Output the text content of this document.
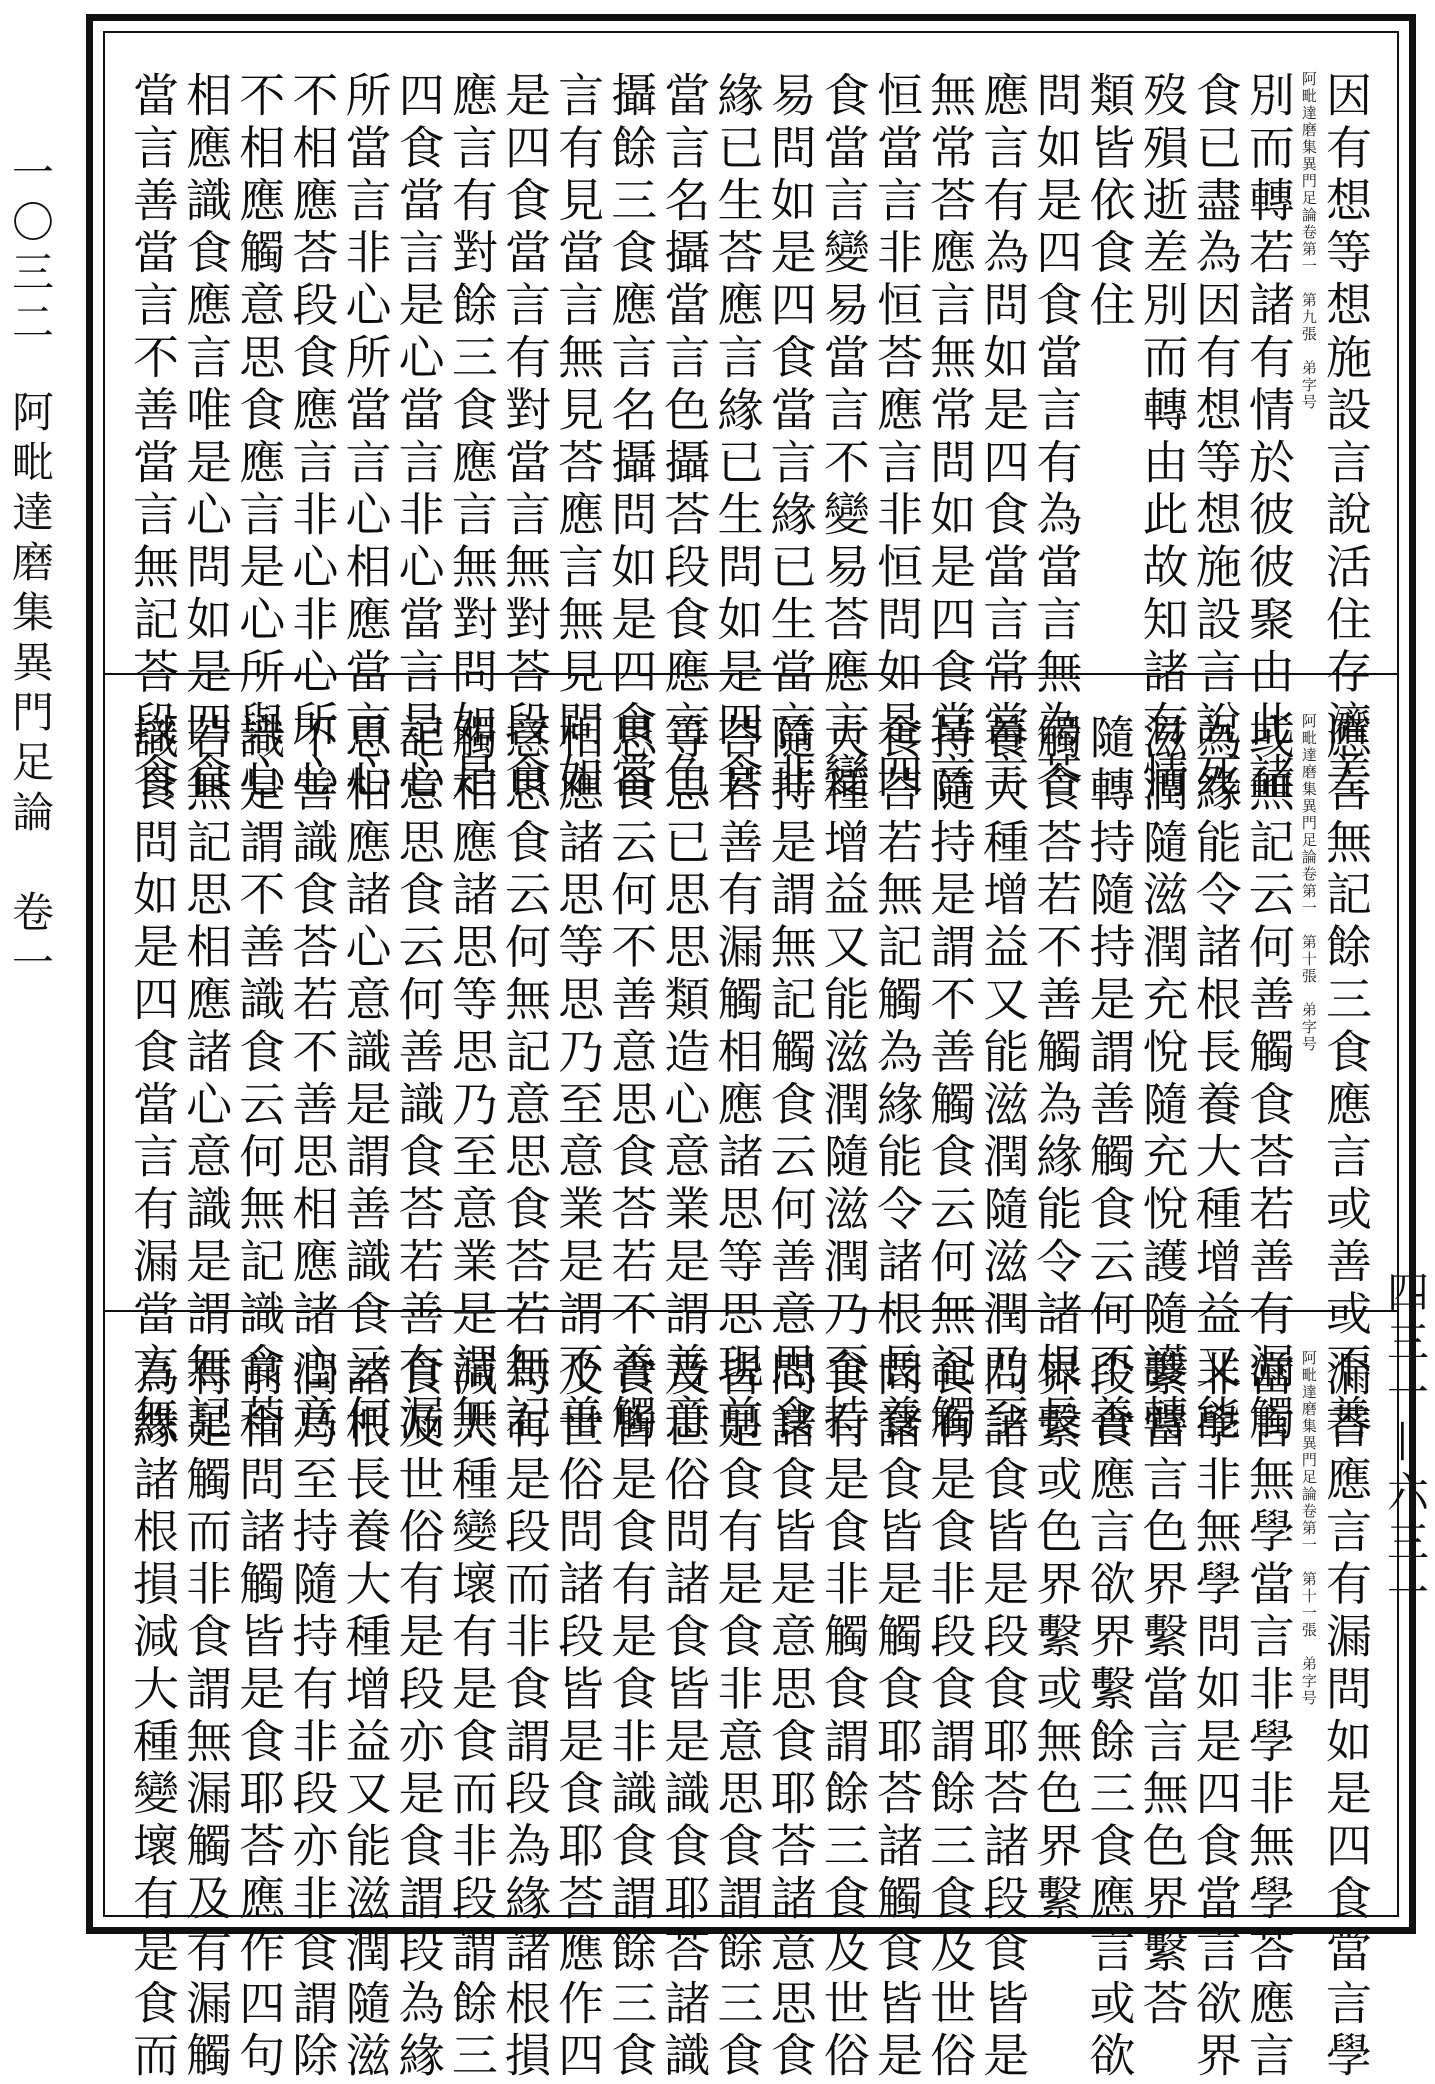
一〇三二
阿毗達磨集異門足論　卷一
四三一—六三一
因有想等想施設言說活住存濟差
阿毗達磨集異門足論卷第一　第九張　弟字号
別而轉若諸有情於彼彼聚由此諸
食已盡為因有想等想施設言說死
歿殞逝差別而轉由此故知諸有情
類皆依食住
問如是四食當言有為當言無為荅
應言有為問如是四食當言常當言
無常荅應言無常問如是四食當言
恒當言非恒荅應言非恒問如是四
食當言變易當言不變易荅應言變
易問如是四食當言緣已生當言非
緣已生荅應言緣已生問如是四食
當言名攝當言色攝荅段食應言色
攝餘三食應言名攝問如是四食當
言有見當言無見荅應言無見問如
是四食當言有對當言無對荅段食
應言有對餘三食應言無對問如是
四食當言是心當言非心當言是心
所當言非心所當言心相應當言心
不相應荅段食應言非心非心所心
不相應觸意思食應言是心所與心
相應識食應言唯是心問如是四食
當言善當言不善當言無記荅段食
應言無記餘三食應言或善或不善
阿毗達磨集異門足論卷第一　第十張　弟字号
或無記云何善觸食荅若善有漏觸
為緣能令諸根長養大種增益又能
滋潤隨滋潤充悅隨充悅護隨護轉
隨轉持隨持是謂善觸食云何不善
觸食荅若不善觸為緣能令諸根長
養大種增益又能滋潤隨滋潤乃至
持隨持是謂不善觸食云何無記觸
食荅若無記觸為緣能令諸根長養
大種增益又能滋潤隨滋潤乃至持
隨持是謂無記觸食云何善意思食
荅若善有漏觸相應諸思等思現前
等思已思思類造心意業是謂善意
思食云何不善意思食荅若不善觸
相應諸思等思乃至意業是謂不善
意思食云何無記意思食荅若無記
觸相應諸思等思乃至意業是謂無
記意思食云何善識食荅若善有漏
思相應諸心意識是謂善識食云何
不善識食荅若不善思相應諸心意
識是謂不善識食云何無記識食荅
若無記思相應諸心意識是謂無記
識食問如是四食當言有漏當言無
漏荅應言有漏問如是四食當言學
阿毗達磨集異門足論卷第一　第十一張　弟字号
當言無學當言非學非無學荅應言
非學非無學問如是四食當言欲界
繫當言色界繫當言無色界繫荅
段食應言欲界繫餘三食應言或欲
界繫或色界繫或無色界繫
問諸食皆是段食耶荅諸段食皆是
食有是食非段食謂餘三食及世俗
問諸食皆是觸食耶荅諸觸食皆是
食有是食非觸食謂餘三食及世俗
問諸食皆是意思食耶荅諸意思食
皆是食有是食非意思食謂餘三食
及世俗問諸食皆是識食耶荅諸識
食皆是食有是食非識食謂餘三食
及世俗問諸段皆是食耶荅應作四
句有是段而非食謂段為緣諸根損
減大種變壞有是食而非段謂餘三
食及世俗有是段亦是食謂段為緣
諸根長養大種增益又能滋潤隨滋
潤乃至持隨持有非段亦非食謂除
前相問諸觸皆是食耶荅應作四句
有是觸而非食謂無漏觸及有漏觸
為緣諸根損減大種變壞有是食而
